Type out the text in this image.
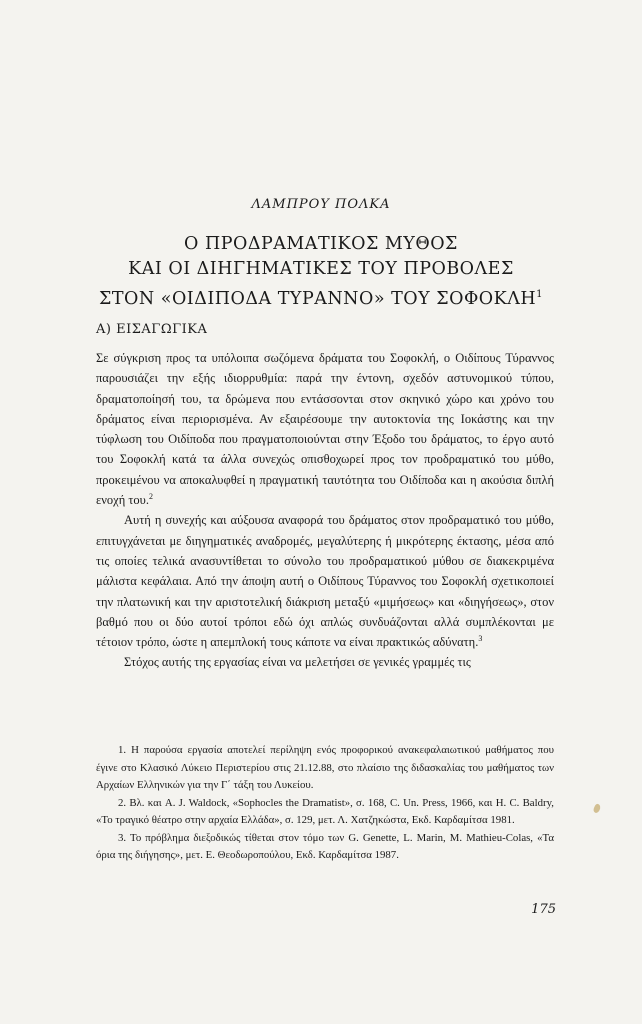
ΛΑΜΠΡΟΥ ΠΟΛΚΑ
Ο ΠΡΟΔΡΑΜΑΤΙΚΟΣ ΜΥΘΟΣ
ΚΑΙ ΟΙ ΔΙΗΓΗΜΑΤΙΚΕΣ ΤΟΥ ΠΡΟΒΟΛΕΣ
ΣΤΟΝ «ΟΙΔΙΠΟΔΑ ΤΥΡΑΝΝΟ» ΤΟΥ ΣΟΦΟΚΛΗ$^1$
Α) ΕΙΣΑΓΩΓΙΚΑ

Σε σύγκριση προς τα υπόλοιπα σωζόμενα δράματα του Σοφοκλή, ο Οιδίπους Τύραννος παρουσιάζει την εξής ιδιορρυθμία: παρά την έντονη, σχεδόν αστυνομικού τύπου, δραματοποίησή του, τα δρώμενα που εντάσσονται στον σκηνικό χώρο και χρόνο του δράματος είναι περιορισμένα. Αν εξαιρέσουμε την αυτοκτονία της Ιοκάστης και την τύφλωση του Οιδίποδα που πραγματοποιούνται στην Έξοδο του δράματος, το έργο αυτό του Σοφοκλή κατά τα άλλα συνεχώς οπισθοχωρεί προς τον προδραματικό του μύθο, προκειμένου να αποκαλυφθεί η πραγματική ταυτότητα του Οιδίποδα και η ακούσια διπλή ενοχή του.$^2$

Αυτή η συνεχής και αύξουσα αναφορά του δράματος στον προδραματικό του μύθο, επιτυγχάνεται με διηγηματικές αναδρομές, μεγαλύτερης ή μικρότερης έκτασης, μέσα από τις οποίες τελικά ανασυντίθεται το σύνολο του προδραματικού μύθου σε διακεκριμένα μάλιστα κεφάλαια. Από την άποψη αυτή ο Οιδίπους Τύραννος του Σοφοκλή σχετικοποιεί την πλατωνική και την αριστοτελική διάκριση μεταξύ «μιμήσεως» και «διηγήσεως», στον βαθμό που οι δύο αυτοί τρόποι εδώ όχι απλώς συνδυάζονται αλλά συμπλέκονται με τέτοιον τρόπο, ώστε η απεμπλοκή τους κάποτε να είναι πρακτικώς αδύνατη.$^3$

Στόχος αυτής της εργασίας είναι να μελετήσει σε γενικές γραμμές τις

1. Η παρούσα εργασία αποτελεί περίληψη ενός προφορικού ανακεφαλαιωτικού μαθήματος που έγινε στο Κλασικό Λύκειο Περιστερίου στις 21.12.88, στο πλαίσιο της διδασκαλίας του μαθήματος των Αρχαίων Ελληνικών για την Γ΄ τάξη του Λυκείου.

2. Βλ. και A. J. Waldock, «Sophocles the Dramatist», σ. 168, C. Un. Press, 1966, και H. C. Baldry, «Το τραγικό θέατρο στην αρχαία Ελλάδα», σ. 129, μετ. Λ. Χατζηκώστα, Εκδ. Καρδαμίτσα 1981.

3. Το πρόβλημα διεξοδικώς τίθεται στον τόμο των G. Genette, L. Marin, M. Mathieu-Colas, «Τα όρια της διήγησης», μετ. Ε. Θεοδωροπούλου, Εκδ. Καρδαμίτσα 1987.

175
